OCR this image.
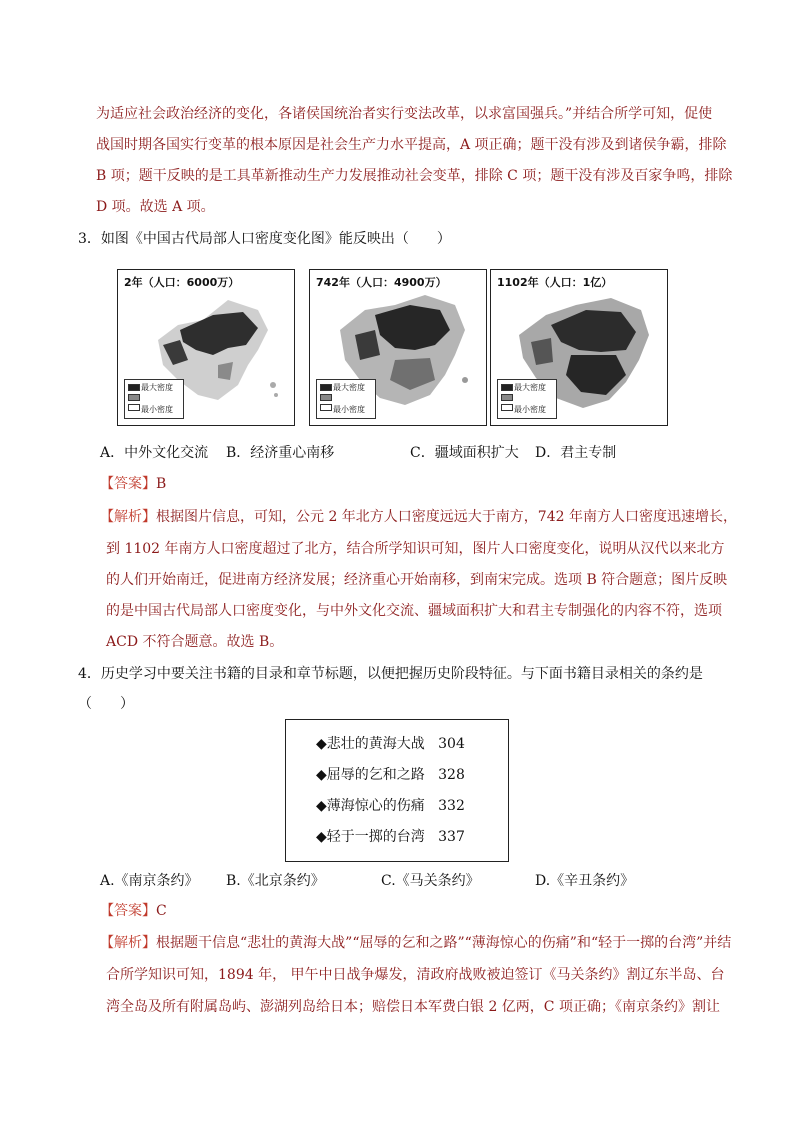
为适应社会政治经济的变化，各诸侯国统治者实行变法改革，以求富国强兵。”并结合所学可知，促使
战国时期各国实行变革的根本原因是社会生产力水平提高，A 项正确；题干没有涉及到诸侯争霸，排除
B 项；题干反映的是工具革新推动生产力发展推动社会变革，排除 C 项；题干没有涉及百家争鸣，排除
D 项。故选 A 项。
3．如图《中国古代局部人口密度变化图》能反映出（　　）
2年（人口：6000万）
最大密度
最小密度
742年（人口：4900万）
最大密度
最小密度
1102年（人口：1亿）
最大密度
最小密度
A．中外文化交流 B．经济重心南移	C．疆域面积扩大 D．君主专制
【答案】B
【解析】根据图片信息，可知，公元 2 年北方人口密度远远大于南方，742 年南方人口密度迅速增长，
到 1102 年南方人口密度超过了北方，结合所学知识可知，图片人口密度变化，说明从汉代以来北方
的人们开始南迁，促进南方经济发展；经济重心开始南移，到南宋完成。选项 B 符合题意；图片反映
的是中国古代局部人口密度变化，与中外文化交流、疆域面积扩大和君主专制强化的内容不符，选项
ACD 不符合题意。故选 B。
4．历史学习中要关注书籍的目录和章节标题，以便把握历史阶段特征。与下面书籍目录相关的条约是
（　　）
◆悲壮的黄海大战 304
◆屈辱的乞和之路 328
◆薄海惊心的伤痛 332
◆轻于一掷的台湾 337
A.《南京条约》 B.《北京条约》	C.《马关条约》	D.《辛丑条约》
【答案】C
【解析】根据题干信息“悲壮的黄海大战”“屈辱的乞和之路”“薄海惊心的伤痛”和“轻于一掷的台湾”并结
合所学知识可知，1894 年， 甲午中日战争爆发，清政府战败被迫签订《马关条约》割辽东半岛、台
湾全岛及所有附属岛屿、澎湖列岛给日本；赔偿日本军费白银 2 亿两，C 项正确；《南京条约》割让
